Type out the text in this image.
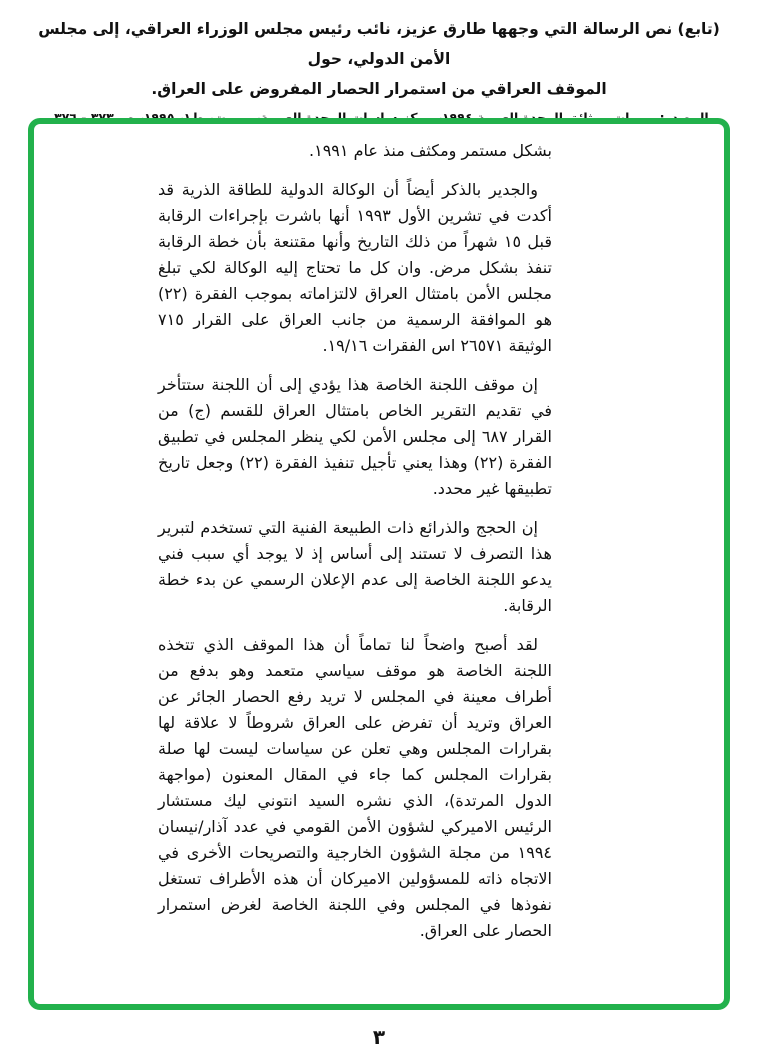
(تابع) نص الرسالة التي وجهها طارق عزيز، نائب رئيس مجلس الوزراء العراقي، إلى مجلس الأمن الدولي، حول
الموقف العراقي من استمرار الحصار المفروض على العراق.

بشكل مستمر ومكثف منذ عام ١٩٩١.

والجدير بالذكر أيضاً أن الوكالة الدولية للطاقة الذرية قد أكدت في تشرين الأول ١٩٩٣ أنها باشرت بإجراءات الرقابة قبل ١٥ شهراً من ذلك التاريخ وأنها مقتنعة بأن خطة الرقابة تنفذ بشكل مرض. وان كل ما تحتاج إليه الوكالة لكي تبلغ مجلس الأمن بامتثال العراق لالتزاماته بموجب الفقرة (٢٢) هو الموافقة الرسمية من جانب العراق على القرار ٧١٥ الوثيقة ٢٦٥٧١ اس الفقرات ١٩/١٦.

إن موقف اللجنة الخاصة هذا يؤدي إلى أن اللجنة ستتأخر في تقديم التقرير الخاص بامتثال العراق للقسم (ج) من القرار ٦٨٧ إلى مجلس الأمن لكي ينظر المجلس في تطبيق الفقرة (٢٢) وهذا يعني تأجيل تنفيذ الفقرة (٢٢) وجعل تاريخ تطبيقها غير محدد.

إن الحجج والذرائع ذات الطبيعة الفنية التي تستخدم لتبرير هذا التصرف لا تستند إلى أساس إذ لا يوجد أي سبب فني يدعو اللجنة الخاصة إلى عدم الإعلان الرسمي عن بدء خطة الرقابة.

لقد أصبح واضحاً لنا تماماً أن هذا الموقف الذي تتخذه اللجنة الخاصة هو موقف سياسي متعمد وهو بدفع من أطراف معينة في المجلس لا تريد رفع الحصار الجائر عن العراق وتريد أن تفرض على العراق شروطاً لا علاقة لها بقرارات المجلس وهي تعلن عن سياسات ليست لها صلة بقرارات المجلس كما جاء في المقال المعنون (مواجهة الدول المرتدة)، الذي نشره السيد انتوني ليك مستشار الرئيس الاميركي لشؤون الأمن القومي في عدد آذار/نيسان ١٩٩٤ من مجلة الشؤون الخارجية والتصريحات الأخرى في الاتجاه ذاته للمسؤولين الاميركان أن هذه الأطراف تستغل نفوذها في المجلس وفي اللجنة الخاصة لغرض استمرار الحصار على العراق.

٣
